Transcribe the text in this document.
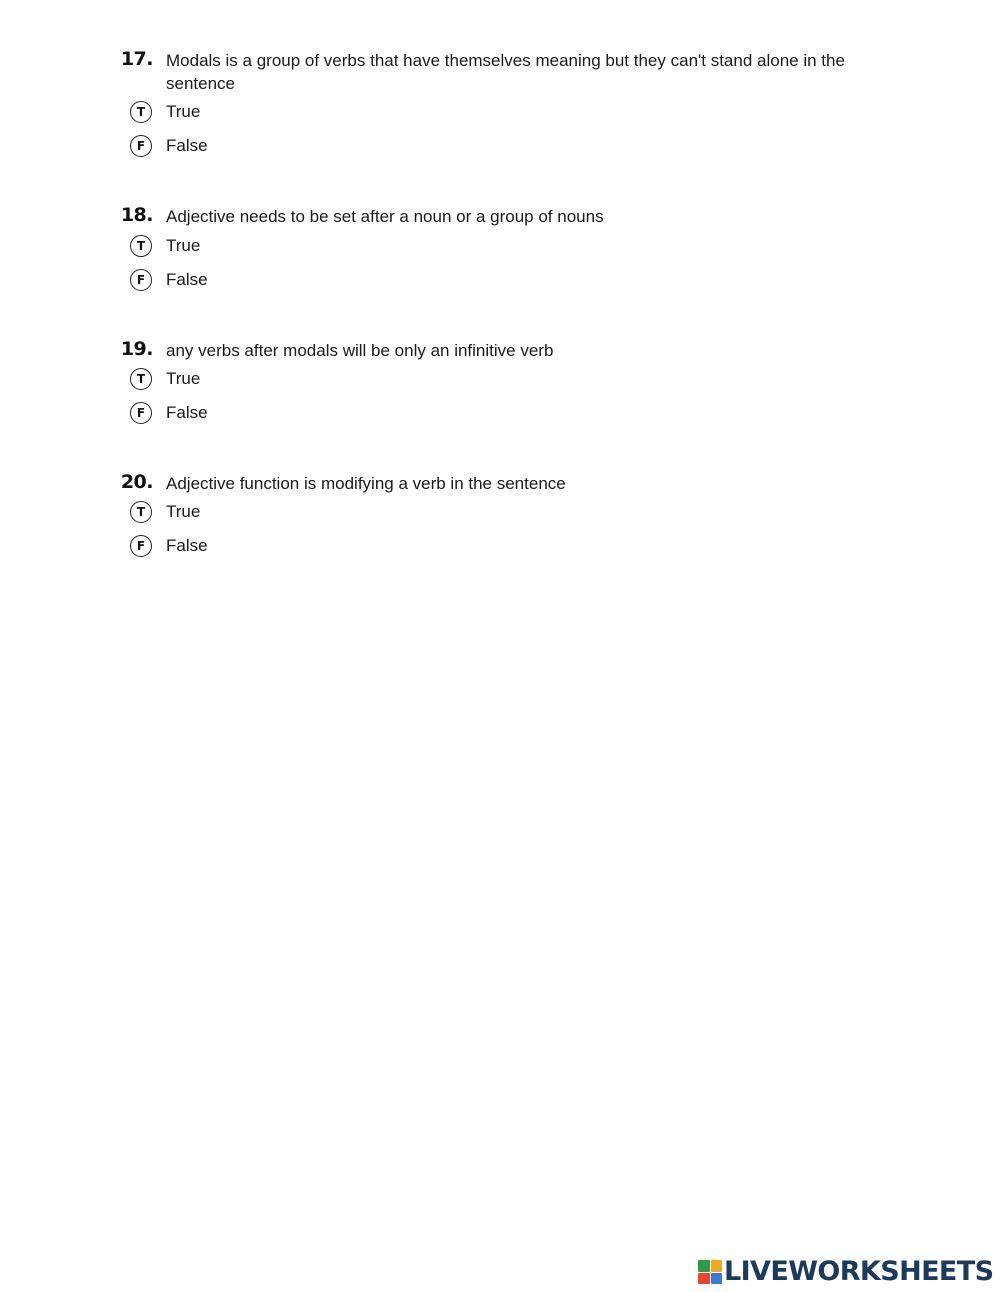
17. Modals is a group of verbs that have themselves meaning but they can't stand alone in the sentence
T	True
F	False
18. Adjective needs to be set after a noun or a group of nouns
T	True
F	False
19. any verbs after modals will be only an infinitive verb
T	True
F	False
20. Adjective function is modifying a verb in the sentence
T	True
F	False
LIVEWORKSHEETS
